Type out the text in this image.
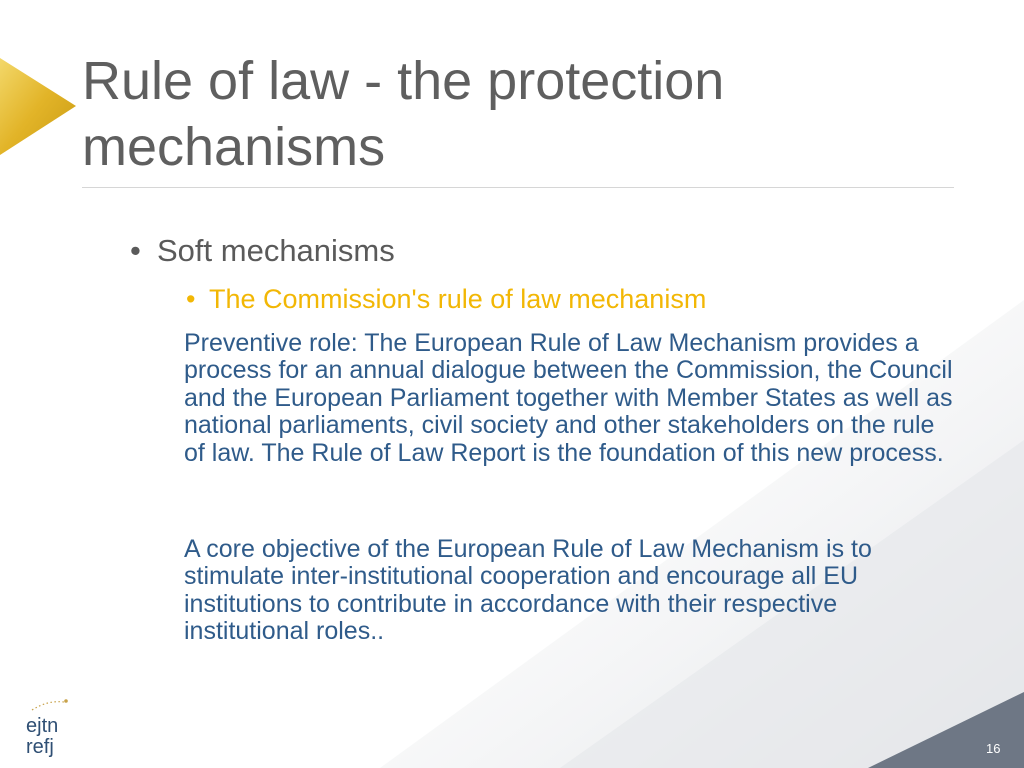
Rule of law - the protection mechanisms
• Soft mechanisms
• The Commission's rule of law mechanism
Preventive role: The European Rule of Law Mechanism provides a process for an annual dialogue between the Commission, the Council and the European Parliament together with Member States as well as national parliaments, civil society and other stakeholders on the rule of law. The Rule of Law Report is the foundation of this new process.
A core objective of the European Rule of Law Mechanism is to stimulate inter-institutional cooperation and encourage all EU institutions to contribute in accordance with their respective institutional roles..
ejtn
refj	16
